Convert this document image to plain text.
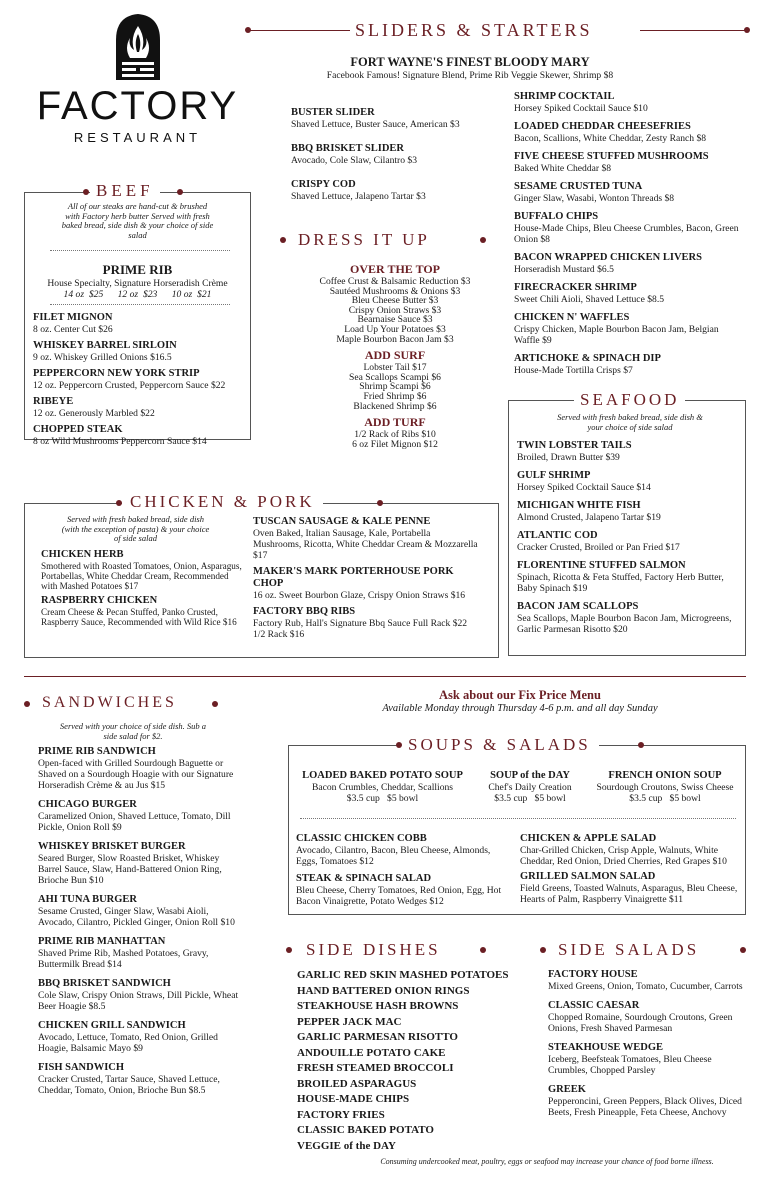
FACTORY
RESTAURANT
SLIDERS & STARTERS
FORT WAYNE'S FINEST BLOODY MARY
Facebook Famous! Signature Blend, Prime Rib Veggie Skewer, Shrimp $8
BUSTER SLIDER
Shaved Lettuce, Buster Sauce, American $3
BBQ BRISKET SLIDER
Avocado, Cole Slaw, Cilantro $3
CRISPY COD
Shaved Lettuce, Jalapeno Tartar $3
SHRIMP COCKTAIL
Horsey Spiked Cocktail Sauce $10
LOADED CHEDDAR CHEESEFRIES
Bacon, Scallions, White Cheddar, Zesty Ranch $8
FIVE CHEESE STUFFED MUSHROOMS
Baked White Cheddar $8
SESAME CRUSTED TUNA
Ginger Slaw, Wasabi, Wonton Threads $8
BUFFALO CHIPS
House-Made Chips, Bleu Cheese Crumbles, Bacon, Green Onion $8
BACON WRAPPED CHICKEN LIVERS
Horseradish Mustard $6.5
FIRECRACKER SHRIMP
Sweet Chili Aioli, Shaved Lettuce $8.5
CHICKEN N' WAFFLES
Crispy Chicken, Maple Bourbon Bacon Jam, Belgian Waffle $9
ARTICHOKE & SPINACH DIP
House-Made Tortilla Crisps $7
BEEF
All of our steaks are hand-cut & brushed with Factory herb butter Served with fresh baked bread, side dish & your choice of side salad
PRIME RIB
House Specialty, Signature Horseradish Crème
14 oz  $25      12 oz  $23      10 oz  $21
FILET MIGNON
8 oz. Center Cut $26
WHISKEY BARREL SIRLOIN
9 oz. Whiskey Grilled Onions $16.5
PEPPERCORN NEW YORK STRIP
12 oz. Peppercorn Crusted, Peppercorn Sauce $22
RIBEYE
12 oz. Generously Marbled $22
CHOPPED STEAK
8 oz Wild Mushrooms Peppercorn Sauce $14
DRESS IT UP
OVER THE TOP
Coffee Crust & Balsamic Reduction $3
Sautéed Mushrooms & Onions $3
Bleu Cheese Butter $3
Crispy Onion Straws $3
Bearnaise Sauce $3
Load Up Your Potatoes $3
Maple Bourbon Bacon Jam $3
ADD SURF
Lobster Tail $17
Sea Scallops Scampi $6
Shrimp Scampi $6
Fried Shrimp $6
Blackened Shrimp $6
ADD TURF
1/2 Rack of Ribs $10
6 oz Filet Mignon $12
SEAFOOD
Served with fresh baked bread, side dish & your choice of side salad
TWIN LOBSTER TAILS
Broiled, Drawn Butter $39
GULF SHRIMP
Horsey Spiked Cocktail Sauce $14
MICHIGAN WHITE FISH
Almond Crusted, Jalapeno Tartar $19
ATLANTIC COD
Cracker Crusted, Broiled or Pan Fried $17
FLORENTINE STUFFED SALMON
Spinach, Ricotta & Feta Stuffed, Factory Herb Butter, Baby Spinach $19
BACON JAM SCALLOPS
Sea Scallops, Maple Bourbon Bacon Jam, Microgreens, Garlic Parmesan Risotto $20
CHICKEN & PORK
Served with fresh baked bread, side dish (with the exception of pasta) & your choice of side salad
CHICKEN HERB
Smothered with Roasted Tomatoes, Onion, Asparagus, Portabellas, White Cheddar Cream, Recommended with Mashed Potatoes $17
RASPBERRY CHICKEN
Cream Cheese & Pecan Stuffed, Panko Crusted, Raspberry Sauce, Recommended with Wild Rice $16
TUSCAN SAUSAGE & KALE PENNE
Oven Baked, Italian Sausage, Kale, Portabella Mushrooms, Ricotta, White Cheddar Cream & Mozzarella $17
MAKER'S MARK PORTERHOUSE PORK CHOP
16 oz. Sweet Bourbon Glaze, Crispy Onion Straws $16
FACTORY BBQ RIBS
Factory Rub, Hall's Signature Bbq Sauce Full Rack $22      1/2 Rack $16
SANDWICHES
Served with your choice of side dish. Sub a side salad for $2.
PRIME RIB SANDWICH
Open-faced with Grilled Sourdough Baguette or Shaved on a Sourdough Hoagie with our Signature Horseradish Crème & au Jus $15
CHICAGO BURGER
Caramelized Onion, Shaved Lettuce, Tomato, Dill Pickle, Onion Roll $9
WHISKEY BRISKET BURGER
Seared Burger, Slow Roasted Brisket, Whiskey Barrel Sauce, Slaw, Hand-Battered Onion Ring, Brioche Bun $10
AHI TUNA BURGER
Sesame Crusted, Ginger Slaw, Wasabi Aioli, Avocado, Cilantro, Pickled Ginger, Onion Roll $10
PRIME RIB MANHATTAN
Shaved Prime Rib, Mashed Potatoes, Gravy, Buttermilk Bread $14
BBQ BRISKET SANDWICH
Cole Slaw, Crispy Onion Straws, Dill Pickle, Wheat Beer Hoagie $8.5
CHICKEN GRILL SANDWICH
Avocado, Lettuce, Tomato, Red Onion, Grilled Hoagie, Balsamic Mayo $9
FISH SANDWICH
Cracker Crusted, Tartar Sauce, Shaved Lettuce, Cheddar, Tomato, Onion, Brioche Bun $8.5
Ask about our Fix Price Menu
Available Monday through Thursday 4-6 p.m. and all day Sunday
SOUPS & SALADS
LOADED BAKED POTATO SOUP
Bacon Crumbles, Cheddar, Scallions
$3.5 cup   $5 bowl
SOUP of the DAY
Chef's Daily Creation
$3.5 cup   $5 bowl
FRENCH ONION SOUP
Sourdough Croutons, Swiss Cheese
$3.5 cup   $5 bowl
CLASSIC CHICKEN COBB
Avocado, Cilantro, Bacon, Bleu Cheese, Almonds, Eggs, Tomatoes $12
STEAK & SPINACH SALAD
Bleu Cheese, Cherry Tomatoes, Red Onion, Egg, Hot Bacon Vinaigrette, Potato Wedges $12
CHICKEN & APPLE SALAD
Char-Grilled Chicken, Crisp Apple, Walnuts, White Cheddar, Red Onion, Dried Cherries, Red Grapes $10
GRILLED SALMON SALAD
Field Greens, Toasted Walnuts, Asparagus, Bleu Cheese, Hearts of Palm, Raspberry Vinaigrette $11
SIDE DISHES
GARLIC RED SKIN MASHED POTATOES
HAND BATTERED ONION RINGS
STEAKHOUSE HASH BROWNS
PEPPER JACK MAC
GARLIC PARMESAN RISOTTO
ANDOUILLE POTATO CAKE
FRESH STEAMED BROCCOLI
BROILED ASPARAGUS
HOUSE-MADE CHIPS
FACTORY FRIES
CLASSIC BAKED POTATO
VEGGIE of the DAY
SIDE SALADS
FACTORY HOUSE
Mixed Greens, Onion, Tomato, Cucumber, Carrots
CLASSIC CAESAR
Chopped Romaine, Sourdough Croutons, Green Onions, Fresh Shaved Parmesan
STEAKHOUSE WEDGE
Iceberg, Beefsteak Tomatoes, Bleu Cheese Crumbles, Chopped Parsley
GREEK
Pepperoncini, Green Peppers, Black Olives, Diced Beets, Fresh Pineapple, Feta Cheese, Anchovy
Consuming undercooked meat, poultry, eggs or seafood may increase your chance of food borne illness.
